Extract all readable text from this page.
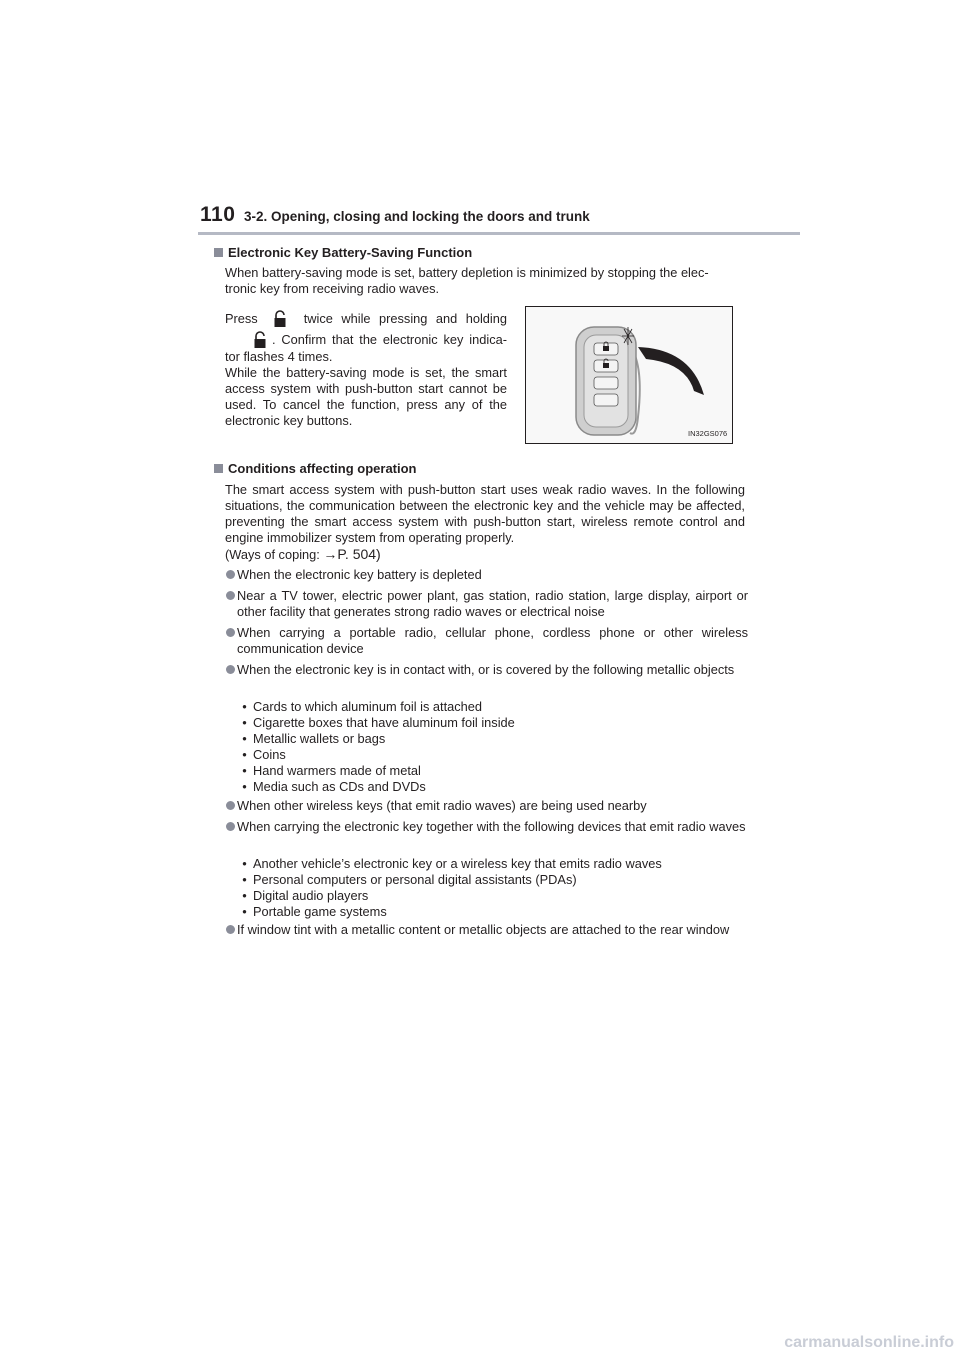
110 3-2. Opening, closing and locking the doors and trunk
Electronic Key Battery-Saving Function
When battery-saving mode is set, battery depletion is minimized by stopping the elec-
tronic key from receiving radio waves.
Press	twice while pressing and holding
. Confirm that the electronic key indica-
tor flashes 4 times.
While the battery-saving mode is set, the smart access system with push-button start cannot be used. To cancel the function, press any of the electronic key buttons.
IN32GS076
Conditions affecting operation
The smart access system with push-button start uses weak radio waves. In the following situations, the communication between the electronic key and the vehicle may be affected, preventing the smart access system with push-button start, wireless remote control and engine immobilizer system from operating properly.
(Ways of coping: →P. 504)
When the electronic key battery is depleted
Near a TV tower, electric power plant, gas station, radio station, large display, airport or other facility that generates strong radio waves or electrical noise
When carrying a portable radio, cellular phone, cordless phone or other wireless communication device
When the electronic key is in contact with, or is covered by the following metallic objects
• Cards to which aluminum foil is attached
• Cigarette boxes that have aluminum foil inside
• Metallic wallets or bags
• Coins
• Hand warmers made of metal
• Media such as CDs and DVDs
When other wireless keys (that emit radio waves) are being used nearby
When carrying the electronic key together with the following devices that emit radio waves
• Another vehicle’s electronic key or a wireless key that emits radio waves
• Personal computers or personal digital assistants (PDAs)
• Digital audio players
• Portable game systems
If window tint with a metallic content or metallic objects are attached to the rear window
carmanualsonline.info
